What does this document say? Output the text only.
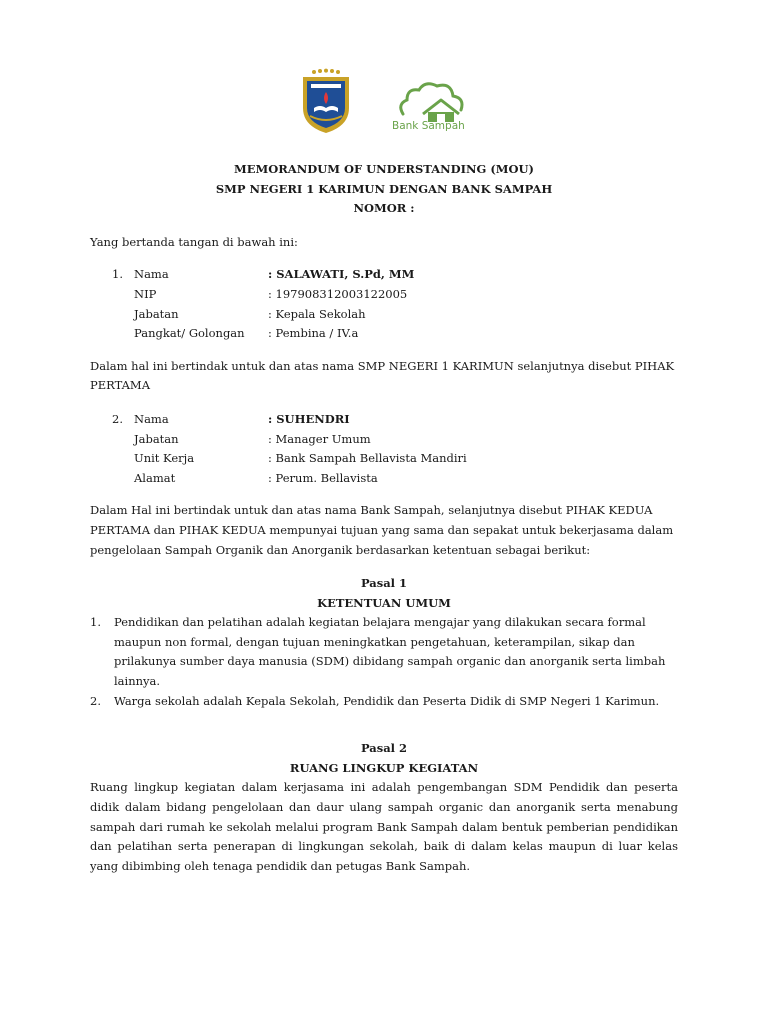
Bank Sampah
MEMORANDUM OF UNDERSTANDING (MOU)
SMP NEGERI 1 KARIMUN DENGAN BANK SAMPAH
NOMOR :

Yang bertanda tangan di bawah ini:

1. Nama	: SALAWATI, S.Pd, MM
NIP	: 197908312003122005
Jabatan	: Kepala Sekolah
Pangkat/ Golongan	: Pembina / IV.a

Dalam hal ini bertindak untuk dan atas nama SMP NEGERI 1 KARIMUN selanjutnya disebut PIHAK PERTAMA

2. Nama	: SUHENDRI
Jabatan	: Manager Umum
Unit Kerja	: Bank Sampah Bellavista Mandiri
Alamat	: Perum. Bellavista

Dalam Hal ini bertindak untuk dan atas nama Bank Sampah, selanjutnya disebut PIHAK KEDUA PERTAMA dan PIHAK KEDUA mempunyai tujuan yang sama dan sepakat untuk bekerjasama dalam pengelolaan Sampah Organik dan Anorganik berdasarkan ketentuan sebagai berikut:

Pasal 1
KETENTUAN UMUM
1.	Pendidikan dan pelatihan adalah kegiatan belajara mengajar yang dilakukan secara formal maupun non formal, dengan tujuan meningkatkan pengetahuan, keterampilan, sikap dan prilakunya sumber daya manusia (SDM) dibidang sampah organic dan anorganik serta limbah lainnya.
2.	Warga sekolah adalah Kepala Sekolah, Pendidik dan Peserta Didik di SMP Negeri 1 Karimun.
Pasal 2
RUANG LINGKUP KEGIATAN

Ruang lingkup kegiatan dalam kerjasama ini adalah pengembangan SDM Pendidik dan peserta didik dalam bidang pengelolaan dan daur ulang sampah organic dan anorganik serta menabung sampah dari rumah ke sekolah melalui program Bank Sampah dalam bentuk pemberian pendidikan dan pelatihan serta penerapan di lingkungan sekolah, baik di dalam kelas maupun di luar kelas yang dibimbing oleh tenaga pendidik dan petugas Bank Sampah.
